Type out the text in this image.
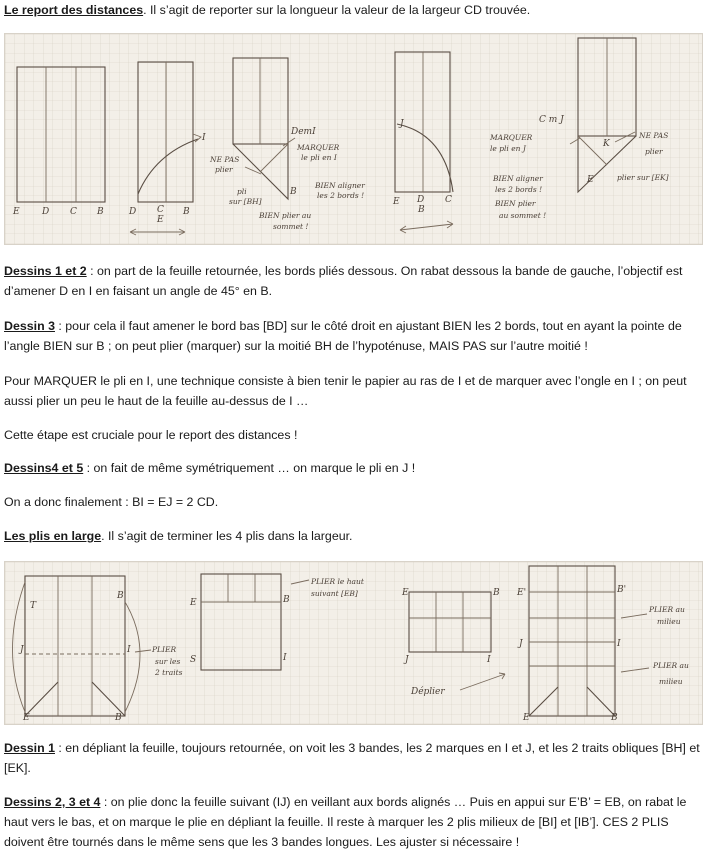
Le report des distances. Il s’agit de reporter sur la longueur la valeur de la largeur CD trouvée.

E D C B	D C B
E
I
DemI
MARQUER
le pli en I
NE PAS
plier
pli
sur [BH]
B
BIEN aligner
les 2 bords !
BIEN plier au
sommet !
J
E D C
B
C m J
MARQUER
le pli en J	K
NE PAS
plier
BIEN aligner
les 2 bords !
BIEN plier
au sommet !
E	plier sur [EK]

Dessins 1 et 2 : on part de la feuille retournée, les bords pliés dessous. On rabat dessous la bande de gauche, l’objectif est d’amener D en I en faisant un angle de 45° en B.

Dessin 3 : pour cela il faut amener le bord bas [BD] sur le côté droit en ajustant BIEN les 2 bords, tout en ayant la pointe de l’angle BIEN sur B ; on peut plier (marquer) sur la moitié BH de l’hypoténuse, MAIS PAS sur l’autre moitié !

Pour MARQUER le pli en I, une technique consiste à bien tenir le papier au ras de I et de marquer avec l’ongle en I ; on peut aussi plier un peu le haut de la feuille au-dessus de I …

Cette étape est cruciale pour le report des distances !

Dessins4 et 5 : on fait de même symétriquement … on marque le pli en J !

On a donc finalement : BI = EJ = 2 CD.

Les plis en large. Il s’agit de terminer les 4 plis dans la largeur.

B'
T
J	I	PLIER
sur les
2 traits
E	B
E	B
S	I
PLIER le haut
suivant [EB]	E	B
J	I
Déplier
E'	B'
J	I
PLIER au
milieu
PLIER au
milieu
E	B

Dessin 1 : en dépliant la feuille, toujours retournée, on voit les 3 bandes, les 2 marques en I et J, et les 2 traits obliques [BH] et [EK].

Dessins 2, 3 et 4 : on plie donc la feuille suivant (IJ) en veillant aux bords alignés … Puis en appui sur E’B’ = EB, on rabat le haut vers le bas, et on marque le plie en dépliant la feuille. Il reste à marquer les 2 plis milieux de [BI] et [IB’]. CES 2 PLIS doivent être tournés dans le même sens que les 3 bandes longues. Les ajuster si nécessaire !
